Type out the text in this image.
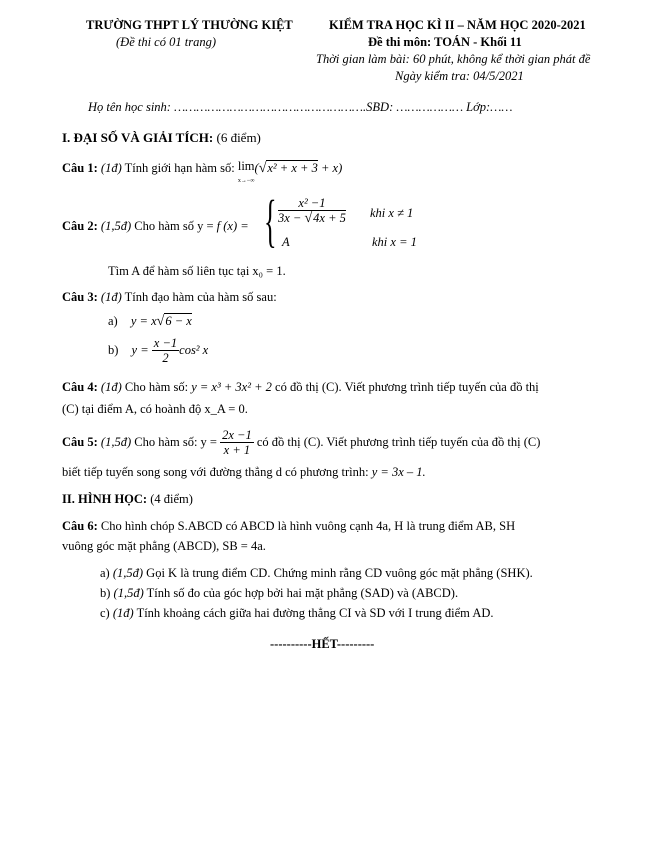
TRƯỜNG THPT LÝ THƯỜNG KIỆT
(Đề thi có 01 trang)
KIỂM TRA HỌC KÌ II – NĂM HỌC 2020-2021
Đề thi môn: TOÁN - Khối 11
Thời gian làm bài: 60 phút, không kể thời gian phát đề
Ngày kiểm tra: 04/5/2021
Họ tên học sinh: …………………………………………….SBD: ……………… Lớp:……
I. ĐẠI SỐ VÀ GIẢI TÍCH: (6 điểm)
Câu 1: (1đ) Tính giới hạn hàm số: lim
x→−∞(√x² + x + 3 + x)
Câu 2: (1,5đ) Cho hàm số y = f (x) = { $\frac{\text{x² −1}}{3x - √4x + 5}$ khi x ≠ 1
A	khi x = 1
Tìm A để hàm số liên tục tại x₀ = 1.
Câu 3: (1đ) Tính đạo hàm của hàm số sau:
a) y = x√6 − x
b) $y = \frac{x -1}{2} \cos^2$ x
Câu 4: (1đ) Cho hàm số: y = x³ + 3x² + 2 có đồ thị (C). Viết phương trình tiếp tuyến của đồ thị
(C) tại điểm A, có hoành độ x_A = 0.
Câu 5: (1,5đ) Cho hàm số: $y = \frac{2x -1}{x + 1}$ có đồ thị (C). Viết phương trình tiếp tuyến của đồ thị (C)
biết tiếp tuyến song song với đường thẳng d có phương trình: y = 3x – 1.
II. HÌNH HỌC: (4 điểm)
Câu 6: Cho hình chóp S.ABCD có ABCD là hình vuông cạnh 4a, H là trung điểm AB, SH
vuông góc mặt phẳng (ABCD), SB = 4a.
a) (1,5đ) Gọi K là trung điểm CD. Chứng minh rằng CD vuông góc mặt phẳng (SHK).
b) (1,5đ) Tính số đo của góc hợp bởi hai mặt phẳng (SAD) và (ABCD).
c) (1đ) Tính khoảng cách giữa hai đường thẳng CI và SD với I trung điểm AD.
----------HẾT---------
